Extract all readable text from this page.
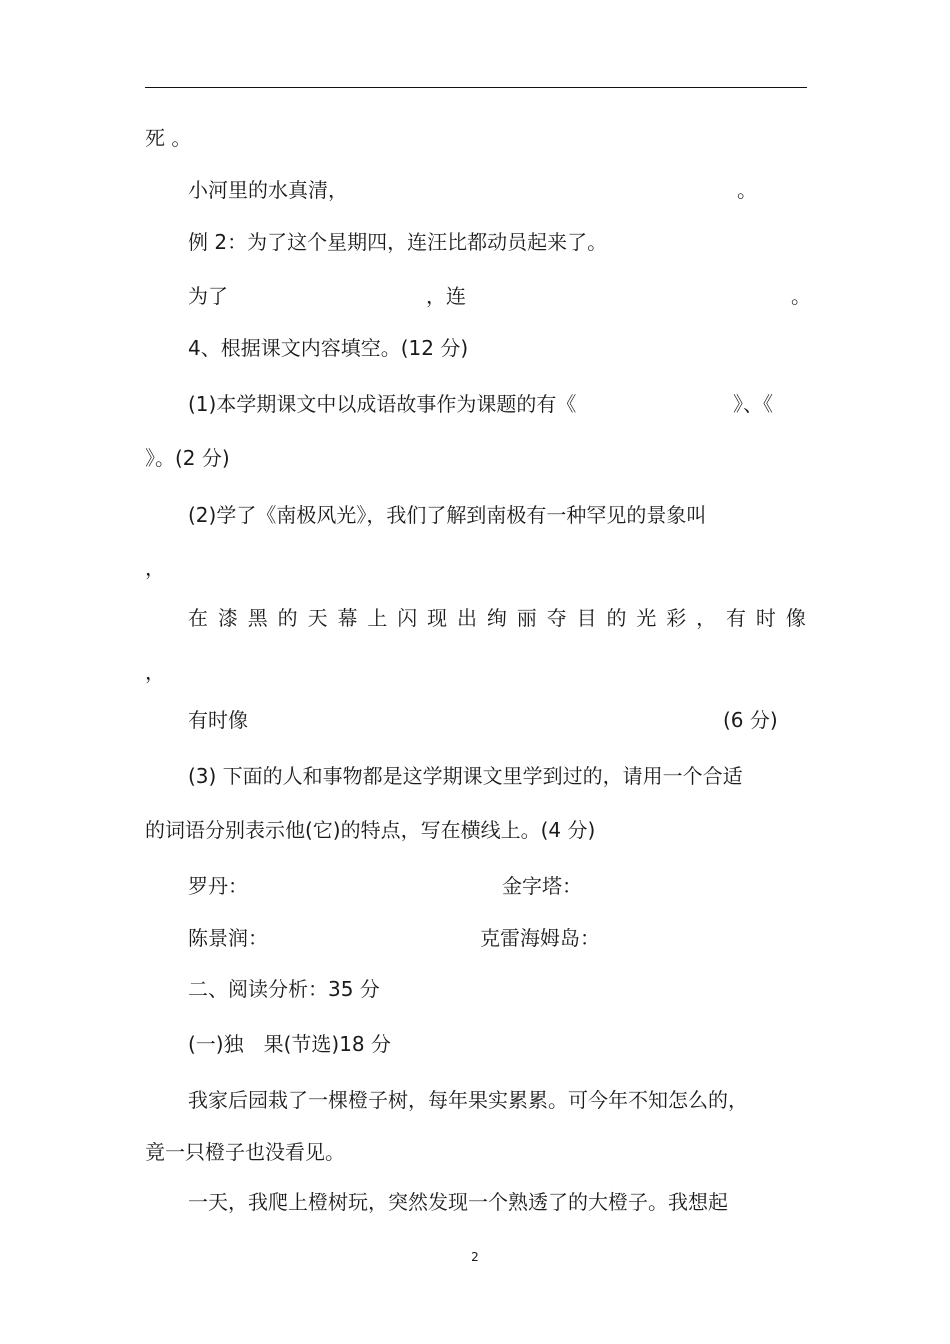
死 。
小河里的水真清，	。
例 2：为了这个星期四，连汪比都动员起来了。
为了	，连	。
4、根据课文内容填空。(12 分)
(1)本学期课文中以成语故事作为课题的有《	》、《
》。(2 分)
(2)学了《南极风光》，我们了解到南极有一种罕见的景象叫
，
在 漆 黑 的 天 幕 上 闪 现 出 绚 丽 夺 目 的 光 彩 ， 有 时 像
，
有时像	(6 分)
(3) 下面的人和事物都是这学期课文里学到过的，请用一个合适
的词语分别表示他(它)的特点，写在横线上。(4 分)
罗丹：	金字塔：
陈景润：	克雷海姆岛：
二、阅读分析：35 分
(一)独　果(节选)18 分
我家后园栽了一棵橙子树，每年果实累累。可今年不知怎么的，
竟一只橙子也没看见。
一天，我爬上橙树玩，突然发现一个熟透了的大橙子。我想起
2
